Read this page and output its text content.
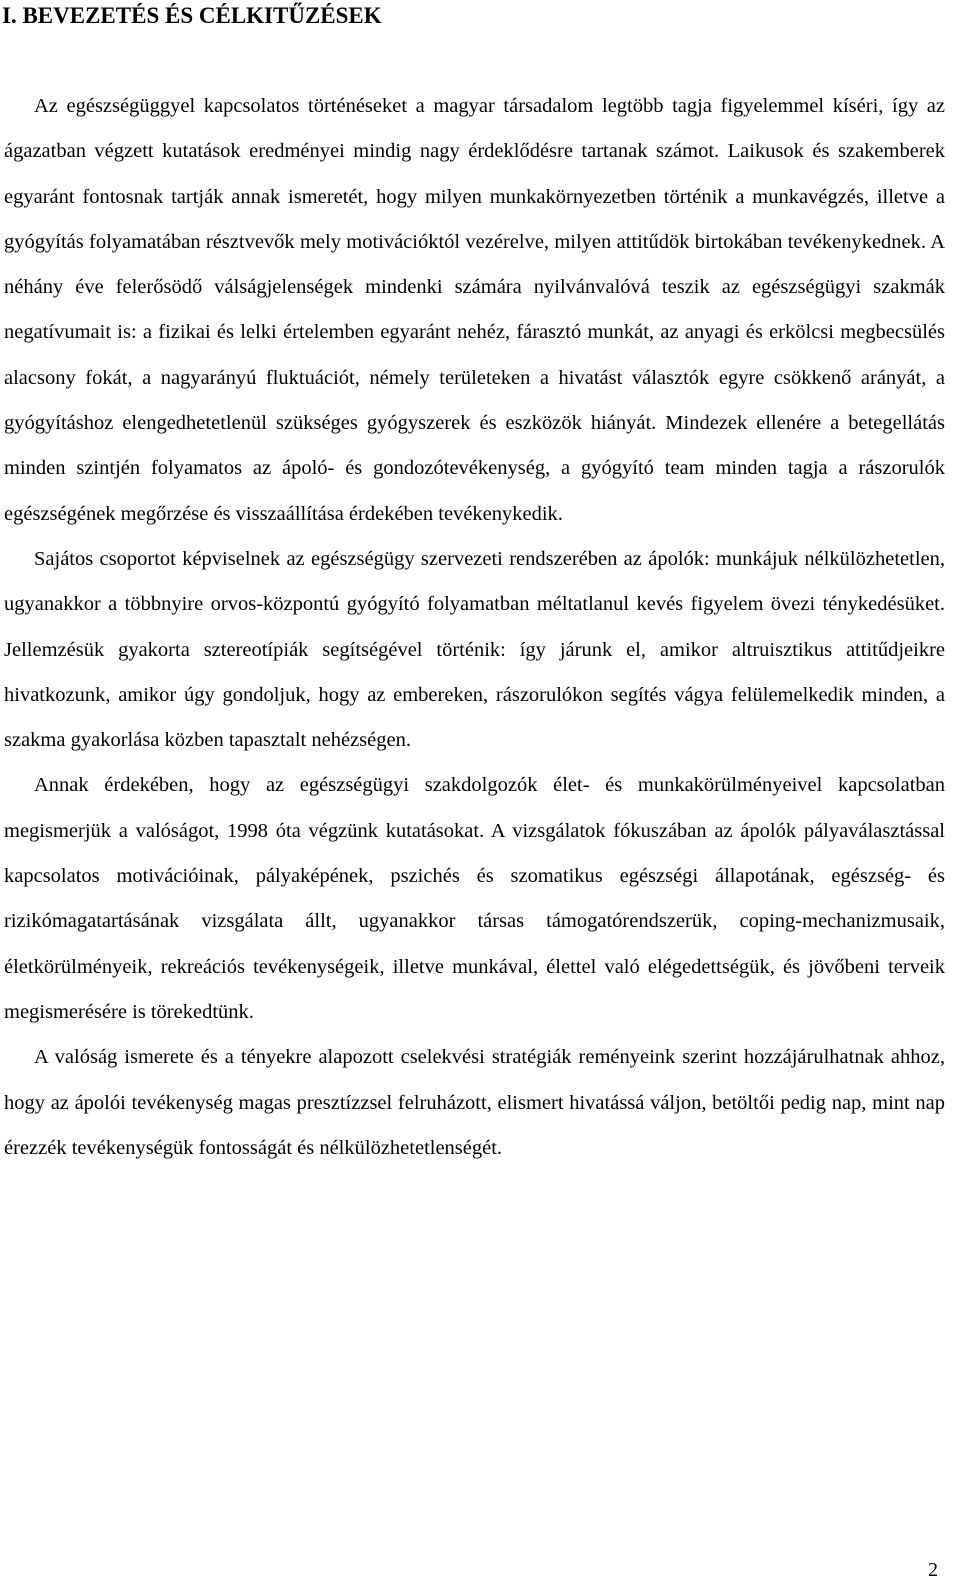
I. BEVEZETÉS ÉS CÉLKITŰZÉSEK

Az egészségüggyel kapcsolatos történéseket a magyar társadalom legtöbb tagja figyelemmel kíséri, így az ágazatban végzett kutatások eredményei mindig nagy érdeklődésre tartanak számot. Laikusok és szakemberek egyaránt fontosnak tartják annak ismeretét, hogy milyen munkakörnyezetben történik a munkavégzés, illetve a gyógyítás folyamatában résztvevők mely motivációktól vezérelve, milyen attitűdök birtokában tevékenykednek. A néhány éve felerősödő válságjelenségek mindenki számára nyilvánvalóvá teszik az egészségügyi szakmák negatívumait is: a fizikai és lelki értelemben egyaránt nehéz, fárasztó munkát, az anyagi és erkölcsi megbecsülés alacsony fokát, a nagyarányú fluktuációt, némely területeken a hivatást választók egyre csökkenő arányát, a gyógyításhoz elengedhetetlenül szükséges gyógyszerek és eszközök hiányát. Mindezek ellenére a betegellátás minden szintjén folyamatos az ápoló- és gondozótevékenység, a gyógyító team minden tagja a rászorulók egészségének megőrzése és visszaállítása érdekében tevékenykedik.

Sajátos csoportot képviselnek az egészségügy szervezeti rendszerében az ápolók: munkájuk nélkülözhetetlen, ugyanakkor a többnyire orvos-központú gyógyító folyamatban méltatlanul kevés figyelem övezi ténykedésüket. Jellemzésük gyakorta sztereotípiák segítségével történik: így járunk el, amikor altruisztikus attitűdjeikre hivatkozunk, amikor úgy gondoljuk, hogy az embereken, rászorulókon segítés vágya felülemelkedik minden, a szakma gyakorlása közben tapasztalt nehézségen.

Annak érdekében, hogy az egészségügyi szakdolgozók élet- és munkakörülményeivel kapcsolatban megismerjük a valóságot, 1998 óta végzünk kutatásokat. A vizsgálatok fókuszában az ápolók pályaválasztással kapcsolatos motivációinak, pályaképének, pszichés és szomatikus egészségi állapotának, egészség- és rizikómagatartásának vizsgálata állt, ugyanakkor társas támogatórendszerük, coping-mechanizmusaik, életkörülményeik, rekreációs tevékenységeik, illetve munkával, élettel való elégedettségük, és jövőbeni terveik megismerésére is törekedtünk.

A valóság ismerete és a tényekre alapozott cselekvési stratégiák reményeink szerint hozzájárulhatnak ahhoz, hogy az ápolói tevékenység magas presztízzsel felruházott, elismert hivatássá váljon, betöltői pedig nap, mint nap érezzék tevékenységük fontosságát és nélkülözhetetlenségét.

2
